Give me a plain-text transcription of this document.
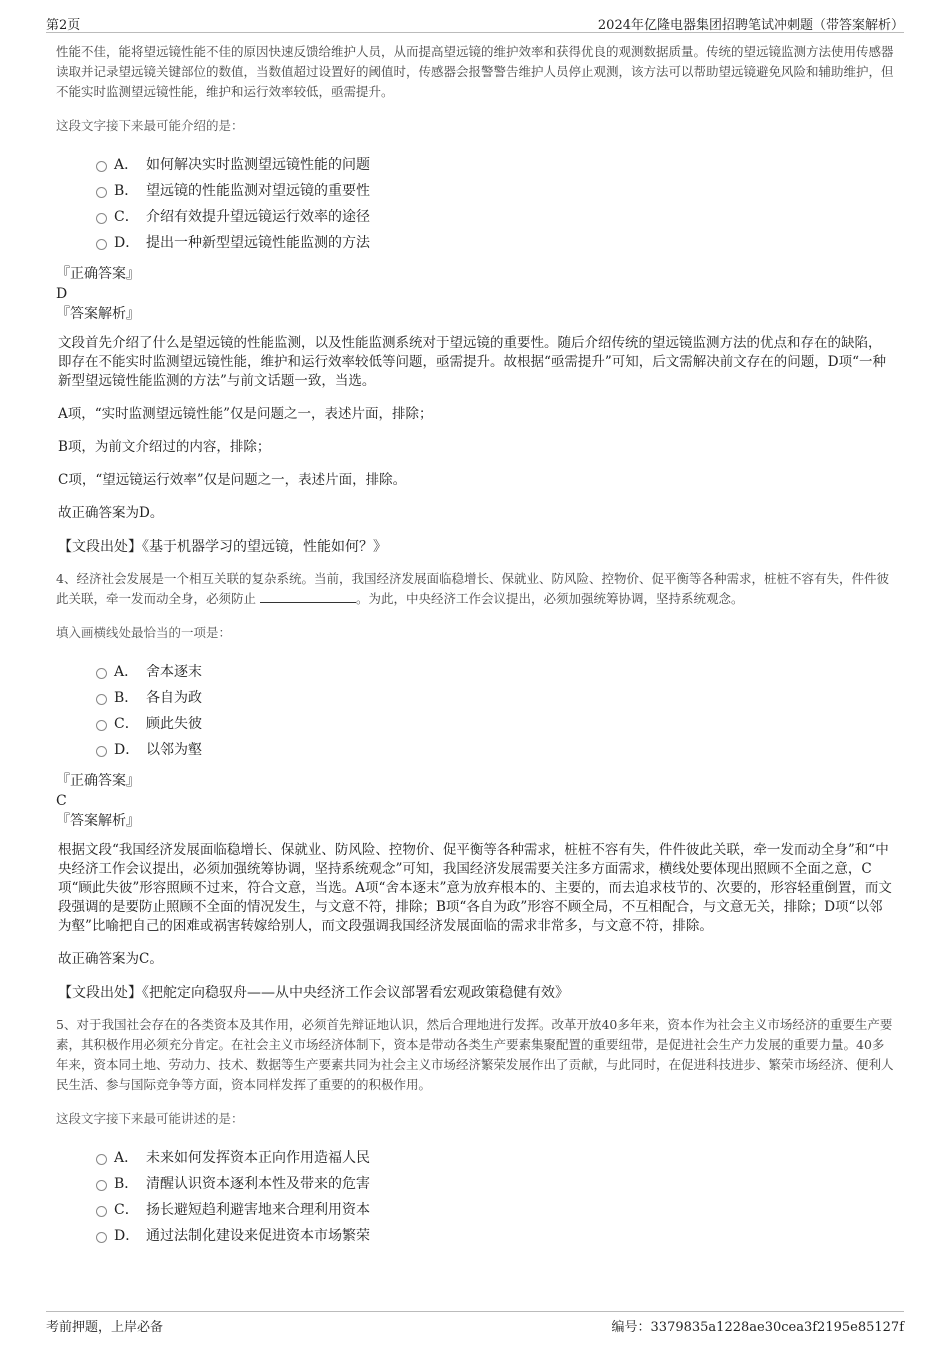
第2页	2024年亿隆电器集团招聘笔试冲刺题（带答案解析）

性能不佳，能将望远镜性能不佳的原因快速反馈给维护人员，从而提高望远镜的维护效率和获得优良的观测数据质量。传统的望远镜监测方法使用传感器读取并记录望远镜关键部位的数值，当数值超过设置好的阈值时，传感器会报警警告维护人员停止观测，该方法可以帮助望远镜避免风险和辅助维护，但不能实时监测望远镜性能，维护和运行效率较低，亟需提升。

这段文字接下来最可能介绍的是：
A． 如何解决实时监测望远镜性能的问题
B． 望远镜的性能监测对望远镜的重要性
C． 介绍有效提升望远镜运行效率的途径
D． 提出一种新型望远镜性能监测的方法
『正确答案』
D
『答案解析』

文段首先介绍了什么是望远镜的性能监测，以及性能监测系统对于望远镜的重要性。随后介绍传统的望远镜监测方法的优点和存在的缺陷，即存在不能实时监测望远镜性能，维护和运行效率较低等问题，亟需提升。故根据“亟需提升”可知，后文需解决前文存在的问题，D项“一种新型望远镜性能监测的方法”与前文话题一致，当选。

A项，“实时监测望远镜性能”仅是问题之一，表述片面，排除；

B项，为前文介绍过的内容，排除；

C项，“望远镜运行效率”仅是问题之一，表述片面，排除。

故正确答案为D。

【文段出处】《基于机器学习的望远镜，性能如何？》

4、经济社会发展是一个相互关联的复杂系统。当前，我国经济发展面临稳增长、保就业、防风险、控物价、促平衡等各种需求，桩桩不容有失，件件彼此关联，牵一发而动全身，必须防止	。为此，中央经济工作会议提出，必须加强统筹协调，坚持系统观念。

填入画横线处最恰当的一项是：
A． 舍本逐末
B． 各自为政
C． 顾此失彼
D． 以邻为壑
『正确答案』
C
『答案解析』

根据文段“我国经济发展面临稳增长、保就业、防风险、控物价、促平衡等各种需求，桩桩不容有失，件件彼此关联，牵一发而动全身”和“中央经济工作会议提出，必须加强统筹协调，坚持系统观念”可知，我国经济发展需要关注多方面需求，横线处要体现出照顾不全面之意，C项“顾此失彼”形容照顾不过来，符合文意，当选。A项“舍本逐末”意为放弃根本的、主要的，而去追求枝节的、次要的，形容轻重倒置，而文段强调的是要防止照顾不全面的情况发生，与文意不符，排除；B项“各自为政”形容不顾全局，不互相配合，与文意无关，排除；D项“以邻为壑”比喻把自己的困难或祸害转嫁给别人，而文段强调我国经济发展面临的需求非常多，与文意不符，排除。

故正确答案为C。

【文段出处】《把舵定向稳驭舟——从中央经济工作会议部署看宏观政策稳健有效》

5、对于我国社会存在的各类资本及其作用，必须首先辩证地认识，然后合理地进行发挥。改革开放40多年来，资本作为社会主义市场经济的重要生产要素，其积极作用必须充分肯定。在社会主义市场经济体制下，资本是带动各类生产要素集聚配置的重要纽带，是促进社会生产力发展的重要力量。40多年来，资本同土地、劳动力、技术、数据等生产要素共同为社会主义市场经济繁荣发展作出了贡献，与此同时，在促进科技进步、繁荣市场经济、便利人民生活、参与国际竞争等方面，资本同样发挥了重要的的积极作用。

这段文字接下来最可能讲述的是：
A． 未来如何发挥资本正向作用造福人民
B． 清醒认识资本逐利本性及带来的危害
C． 扬长避短趋利避害地来合理利用资本
D． 通过法制化建设来促进资本市场繁荣
考前押题，上岸必备	编号：3379835a1228ae30cea3f2195e85127f
